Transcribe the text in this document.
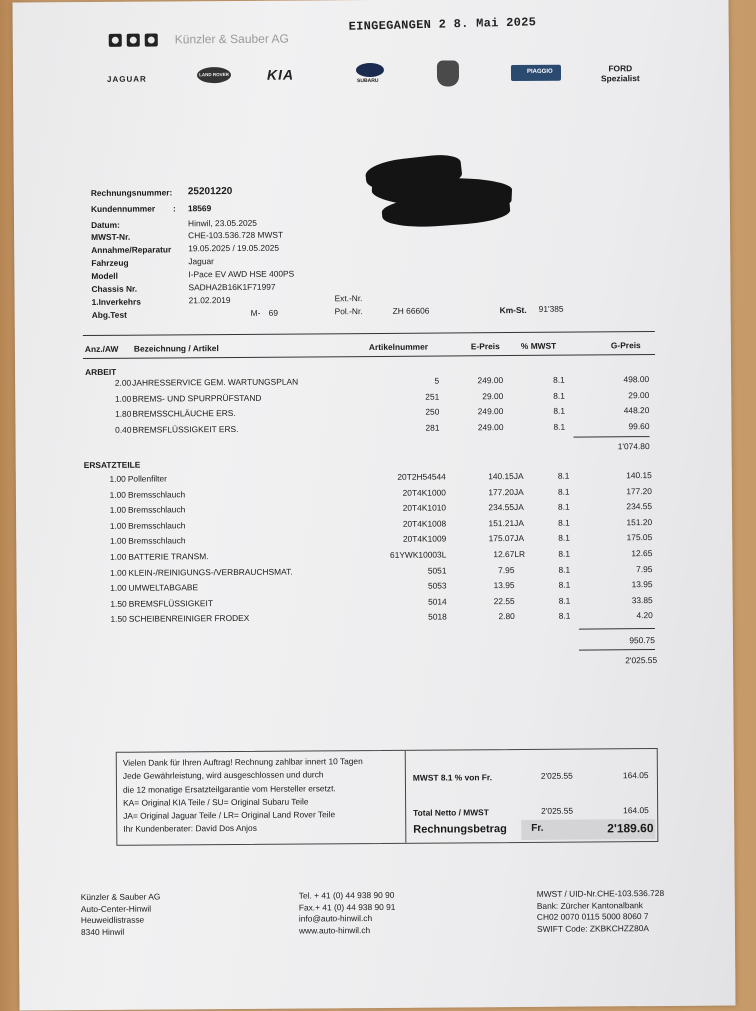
Künzler & Sauber AG
EINGEGANGEN 2 8. Mai 2025
JAGUAR	LAND ROVER	KIA	SUBARU
PIAGGIO	FORD
Spezialist
Rechnungsnummer: 25201220
Kundennummer : 18569
Datum:	Hinwil, 23.05.2025
MWST-Nr.	CHE-103.536.728 MWST
Annahme/Reparatur 19.05.2025 / 19.05.2025
Fahrzeug	Jaguar
Modell	I-Pace EV AWD HSE 400PS
Chassis Nr.	SADHA2B16K1F71997
1.Inverkehrs	21.02.2019
Abg.Test	M- 69
Ext.-Nr.
Pol.-Nr.	ZH 66606	Km-St. 91'385
Anz./AW Bezeichnung / Artikel	Artikelnummer	E-Preis	% MWST	G-Preis
ARBEIT
2.00 JAHRESSERVICE GEM. WARTUNGSPLAN	5	249.00	8.1	498.00
1.00 BREMS- UND SPURPRÜFSTAND	251	29.00	8.1	29.00
1.80 BREMSSCHLÄUCHE ERS.	250	249.00	8.1	448.20
0.40 BREMSFLÜSSIGKEIT ERS.	281	249.00	8.1	99.60
1'074.80
ERSATZTEILE
1.00 Pollenfilter	20T2H54544	140.15 JA	8.1	140.15
1.00 Bremsschlauch	20T4K1000	177.20 JA	8.1	177.20
1.00 Bremsschlauch	20T4K1010	234.55 JA	8.1	234.55
1.00 Bremsschlauch	20T4K1008	151.21 JA	8.1	151.20
1.00 Bremsschlauch	20T4K1009	175.07 JA	8.1	175.05
1.00 BATTERIE TRANSM.	61YWK10003L	12.67 LR	8.1	12.65
1.00 KLEIN-/REINIGUNGS-/VERBRAUCHSMAT.	5051	7.95	8.1	7.95
1.00 UMWELTABGABE	5053	13.95	8.1	13.95
1.50 BREMSFLÜSSIGKEIT	5014	22.55	8.1	33.85
1.50 SCHEIBENREINIGER FRODEX	5018	2.80	8.1	4.20
950.75
2'025.55
Vielen Dank für Ihren Auftrag! Rechnung zahlbar innert 10 Tagen
Jede Gewährleistung, wird ausgeschlossen und durch
die 12 monatige Ersatzteilgarantie vom Hersteller ersetzt.
KA= Original KIA Teile / SU= Original Subaru Teile
JA= Original Jaguar Teile / LR= Original Land Rover Teile
Ihr Kundenberater: David Dos Anjos
MWST 8.1 % von Fr.	2'025.55	164.05
Total Netto / MWST	2'025.55	164.05
Rechnungsbetrag Fr.	2'189.60
Künzler & Sauber AG
Auto-Center-Hinwil
Heuweidlistrasse
8340 Hinwil
Tel. + 41 (0) 44 938 90 90
Fax.+ 41 (0) 44 938 90 91
info@auto-hinwil.ch
www.auto-hinwil.ch
MWST / UID-Nr.CHE-103.536.728
Bank: Zürcher Kantonalbank
CH02 0070 0115 5000 8060 7
SWIFT Code: ZKBKCHZZ80A
